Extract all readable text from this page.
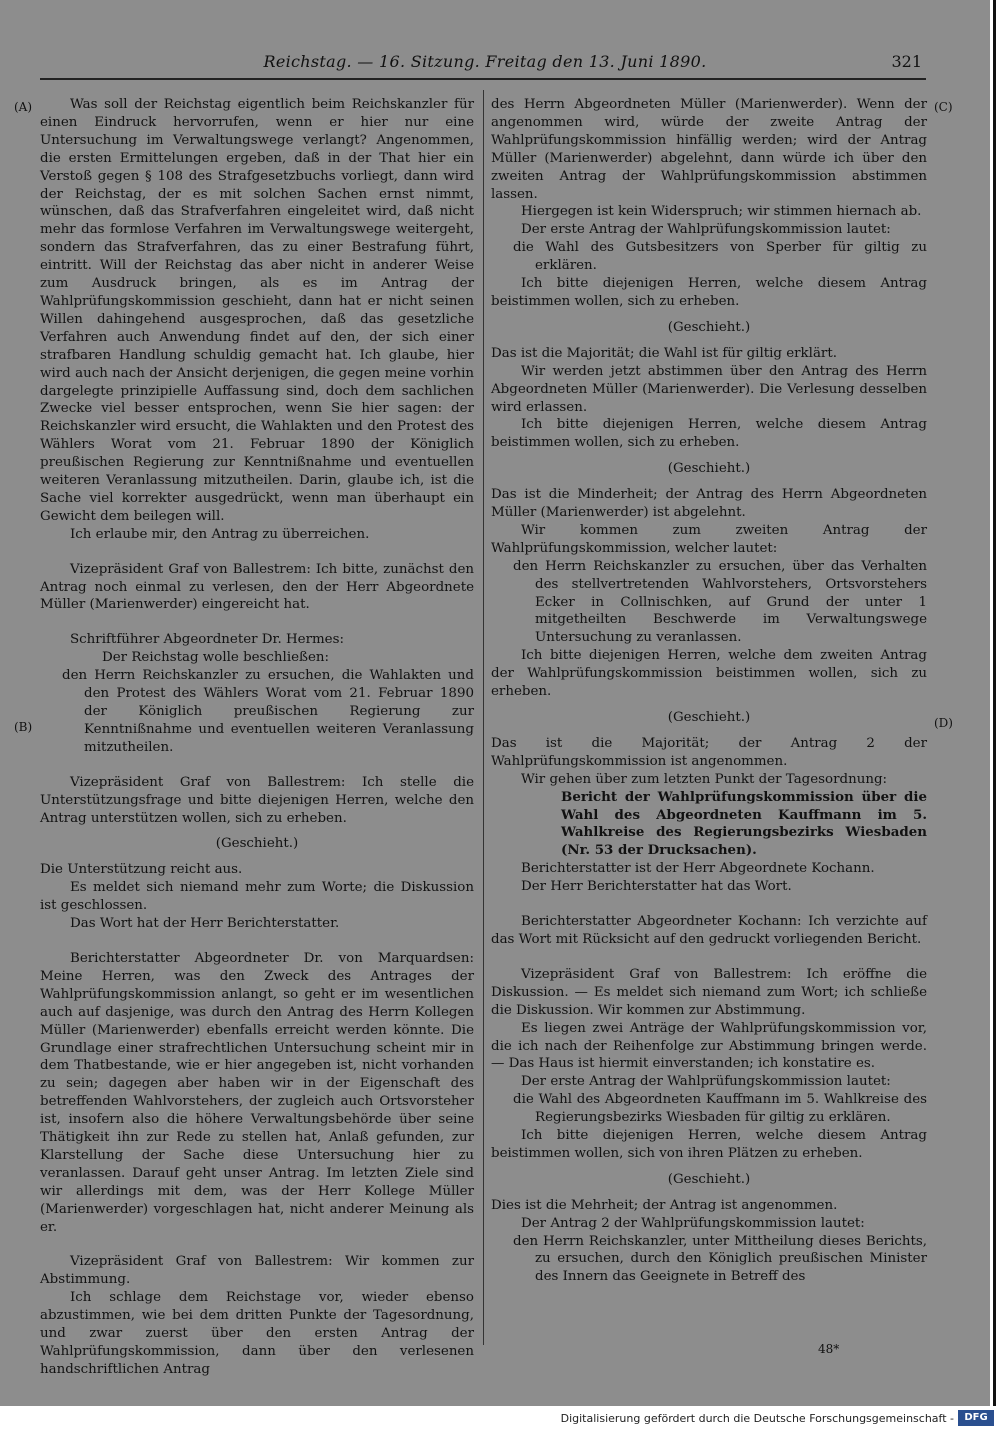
Reichstag. — 16. Sitzung. Freitag den 13. Juni 1890.	321
(A)
(B)
(C)
(D)

Was soll der Reichstag eigentlich beim Reichskanzler für einen Eindruck hervorrufen, wenn er hier nur eine Untersuchung im Verwaltungswege verlangt? Angenommen, die ersten Ermittelungen ergeben, daß in der That hier ein Verstoß gegen § 108 des Strafgesetzbuchs vorliegt, dann wird der Reichstag, der es mit solchen Sachen ernst nimmt, wünschen, daß das Strafverfahren eingeleitet wird, daß nicht mehr das formlose Verfahren im Verwaltungswege weitergeht, sondern das Strafverfahren, das zu einer Bestrafung führt, eintritt. Will der Reichstag das aber nicht in anderer Weise zum Ausdruck bringen, als es im Antrag der Wahlprüfungskommission geschieht, dann hat er nicht seinen Willen dahingehend ausgesprochen, daß das gesetzliche Verfahren auch Anwendung findet auf den, der sich einer strafbaren Handlung schuldig gemacht hat. Ich glaube, hier wird auch nach der Ansicht derjenigen, die gegen meine vorhin dargelegte prinzipielle Auffassung sind, doch dem sachlichen Zwecke viel besser entsprochen, wenn Sie hier sagen: der Reichskanzler wird ersucht, die Wahlakten und den Protest des Wählers Worat vom 21. Februar 1890 der Königlich preußischen Regierung zur Kenntnißnahme und eventuellen weiteren Veranlassung mitzutheilen. Darin, glaube ich, ist die Sache viel korrekter ausgedrückt, wenn man überhaupt ein Gewicht dem beilegen will.

Ich erlaube mir, den Antrag zu überreichen.

Vizepräsident Graf von Ballestrem: Ich bitte, zunächst den Antrag noch einmal zu verlesen, den der Herr Abgeordnete Müller (Marienwerder) eingereicht hat.

Schriftführer Abgeordneter Dr. Hermes:

Der Reichstag wolle beschließen:

den Herrn Reichskanzler zu ersuchen, die Wahlakten und den Protest des Wählers Worat vom 21. Februar 1890 der Königlich preußischen Regierung zur Kenntnißnahme und eventuellen weiteren Veranlassung mitzutheilen.

Vizepräsident Graf von Ballestrem: Ich stelle die Unterstützungsfrage und bitte diejenigen Herren, welche den Antrag unterstützen wollen, sich zu erheben.

(Geschieht.)

Die Unterstützung reicht aus.

Es meldet sich niemand mehr zum Worte; die Diskussion ist geschlossen.

Das Wort hat der Herr Berichterstatter.

Berichterstatter Abgeordneter Dr. von Marquardsen: Meine Herren, was den Zweck des Antrages der Wahlprüfungskommission anlangt, so geht er im wesentlichen auch auf dasjenige, was durch den Antrag des Herrn Kollegen Müller (Marienwerder) ebenfalls erreicht werden könnte. Die Grundlage einer strafrechtlichen Untersuchung scheint mir in dem Thatbestande, wie er hier angegeben ist, nicht vorhanden zu sein; dagegen aber haben wir in der Eigenschaft des betreffenden Wahlvorstehers, der zugleich auch Ortsvorsteher ist, insofern also die höhere Verwaltungsbehörde über seine Thätigkeit ihn zur Rede zu stellen hat, Anlaß gefunden, zur Klarstellung der Sache diese Untersuchung hier zu veranlassen. Darauf geht unser Antrag. Im letzten Ziele sind wir allerdings mit dem, was der Herr Kollege Müller (Marienwerder) vorgeschlagen hat, nicht anderer Meinung als er.

Vizepräsident Graf von Ballestrem: Wir kommen zur Abstimmung.

Ich schlage dem Reichstage vor, wieder ebenso abzustimmen, wie bei dem dritten Punkte der Tagesordnung, und zwar zuerst über den ersten Antrag der Wahlprüfungskommission, dann über den verlesenen handschriftlichen Antrag

des Herrn Abgeordneten Müller (Marienwerder). Wenn der angenommen wird, würde der zweite Antrag der Wahlprüfungskommission hinfällig werden; wird der Antrag Müller (Marienwerder) abgelehnt, dann würde ich über den zweiten Antrag der Wahlprüfungskommission abstimmen lassen.

Hiergegen ist kein Widerspruch; wir stimmen hiernach ab.

Der erste Antrag der Wahlprüfungskommission lautet:

die Wahl des Gutsbesitzers von Sperber für giltig zu erklären.

Ich bitte diejenigen Herren, welche diesem Antrag beistimmen wollen, sich zu erheben.

(Geschieht.)

Das ist die Majorität; die Wahl ist für giltig erklärt.

Wir werden jetzt abstimmen über den Antrag des Herrn Abgeordneten Müller (Marienwerder). Die Verlesung desselben wird erlassen.

Ich bitte diejenigen Herren, welche diesem Antrag beistimmen wollen, sich zu erheben.

(Geschieht.)

Das ist die Minderheit; der Antrag des Herrn Abgeordneten Müller (Marienwerder) ist abgelehnt.

Wir kommen zum zweiten Antrag der Wahlprüfungskommission, welcher lautet:

den Herrn Reichskanzler zu ersuchen, über das Verhalten des stellvertretenden Wahlvorstehers, Ortsvorstehers Ecker in Collnischken, auf Grund der unter 1 mitgetheilten Beschwerde im Verwaltungswege Untersuchung zu veranlassen.

Ich bitte diejenigen Herren, welche dem zweiten Antrag der Wahlprüfungskommission beistimmen wollen, sich zu erheben.

(Geschieht.)

Das ist die Majorität; der Antrag 2 der Wahlprüfungskommission ist angenommen.

Wir gehen über zum letzten Punkt der Tagesordnung:

Bericht der Wahlprüfungskommission über die Wahl des Abgeordneten Kauffmann im 5. Wahlkreise des Regierungsbezirks Wiesbaden (Nr. 53 der Drucksachen).

Berichterstatter ist der Herr Abgeordnete Kochann.

Der Herr Berichterstatter hat das Wort.

Berichterstatter Abgeordneter Kochann: Ich verzichte auf das Wort mit Rücksicht auf den gedruckt vorliegenden Bericht.

Vizepräsident Graf von Ballestrem: Ich eröffne die Diskussion. — Es meldet sich niemand zum Wort; ich schließe die Diskussion. Wir kommen zur Abstimmung.

Es liegen zwei Anträge der Wahlprüfungskommission vor, die ich nach der Reihenfolge zur Abstimmung bringen werde. — Das Haus ist hiermit einverstanden; ich konstatire es.

Der erste Antrag der Wahlprüfungskommission lautet:

die Wahl des Abgeordneten Kauffmann im 5. Wahlkreise des Regierungsbezirks Wiesbaden für giltig zu erklären.

Ich bitte diejenigen Herren, welche diesem Antrag beistimmen wollen, sich von ihren Plätzen zu erheben.

(Geschieht.)

Dies ist die Mehrheit; der Antrag ist angenommen.

Der Antrag 2 der Wahlprüfungskommission lautet:

den Herrn Reichskanzler, unter Mittheilung dieses Berichts, zu ersuchen, durch den Königlich preußischen Minister des Innern das Geeignete in Betreff des

48*
Digitalisierung gefördert durch die Deutsche Forschungsgemeinschaft -	DFG
